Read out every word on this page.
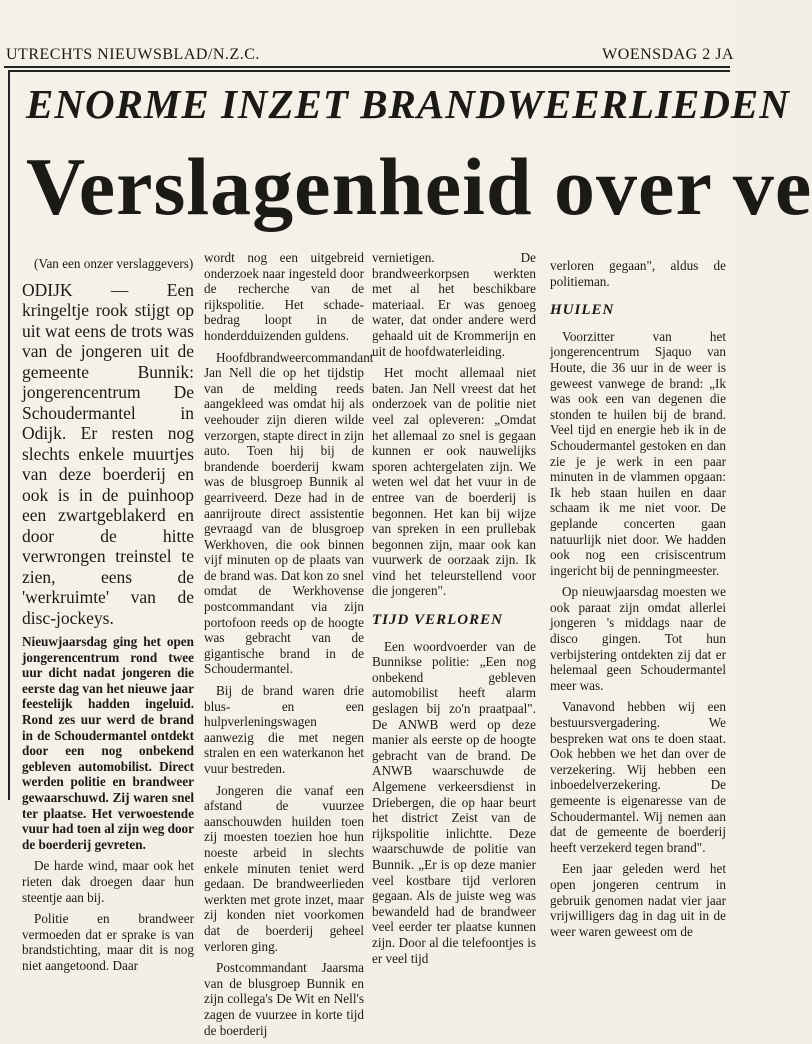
UTRECHTS NIEUWSBLAD/N.Z.C.	WOENSDAG 2 JA
ENORME INZET BRANDWEERLIEDEN
Verslagenheid over ve

(Van een onzer verslaggevers)

ODIJK — Een kringeltje rook stijgt op uit wat eens de trots was van de jongeren uit de gemeente Bunnik: jongerencentrum De Schoudermantel in Odijk. Er resten nog slechts enkele muurtjes van deze boerderij en ook is in de puinhoop een zwartgeblakerd en door de hitte verwrongen treinstel te zien, eens de 'werkruimte' van de disc-jockeys.

Nieuwjaarsdag ging het open jongerencentrum rond twee uur dicht nadat jongeren die eerste dag van het nieuwe jaar feestelijk hadden ingeluid. Rond zes uur werd de brand in de Schoudermantel ontdekt door een nog onbekend gebleven automobilist. Direct werden politie en brandweer gewaarschuwd. Zij waren snel ter plaatse. Het verwoestende vuur had toen al zijn weg door de boerderij gevreten.

De harde wind, maar ook het rieten dak droegen daar hun steentje aan bij.

Politie en brandweer vermoeden dat er sprake is van brandstichting, maar dit is nog niet aangetoond. Daar

wordt nog een uitgebreid onderzoek naar ingesteld door de recherche van de rijkspolitie. Het schade-bedrag loopt in de honderdduizenden guldens.

Hoofdbrandweercommandant Jan Nell die op het tijdstip van de melding reeds aangekleed was omdat hij als veehouder zijn dieren wilde verzorgen, stapte direct in zijn auto. Toen hij bij de brandende boerderij kwam was de blusgroep Bunnik al gearriveerd. Deze had in de aanrijroute direct assistentie gevraagd van de blusgroep Werkhoven, die ook binnen vijf minuten op de plaats van de brand was. Dat kon zo snel omdat de Werkhovense postcommandant via zijn portofoon reeds op de hoogte was gebracht van de gigantische brand in de Schoudermantel.

Bij de brand waren drie blus- en een hulpverleningswagen aanwezig die met negen stralen en een waterkanon het vuur bestreden.

Jongeren die vanaf een afstand de vuurzee aanschouwden huilden toen zij moesten toezien hoe hun noeste arbeid in slechts enkele minuten teniet werd gedaan. De brandweerlieden werkten met grote inzet, maar zij konden niet voorkomen dat de boerderij geheel verloren ging.

Postcommandant Jaarsma van de blusgroep Bunnik en zijn collega's De Wit en Nell's zagen de vuurzee in korte tijd de boerderij

vernietigen. De brandweerkorpsen werkten met al het beschikbare materiaal. Er was genoeg water, dat onder andere werd gehaald uit de Krommerijn en uit de hoofdwaterleiding.

Het mocht allemaal niet baten. Jan Nell vreest dat het onderzoek van de politie niet veel zal opleveren: „Omdat het allemaal zo snel is gegaan kunnen er ook nauwelijks sporen achtergelaten zijn. We weten wel dat het vuur in de entree van de boerderij is begonnen. Het kan bij wijze van spreken in een prullebak begonnen zijn, maar ook kan vuurwerk de oorzaak zijn. Ik vind het teleurstellend voor die jongeren".

TIJD VERLOREN

Een woordvoerder van de Bunnikse politie: „Een nog onbekend gebleven automobilist heeft alarm geslagen bij zo'n praatpaal". De ANWB werd op deze manier als eerste op de hoogte gebracht van de brand. De ANWB waarschuwde de Algemene verkeersdienst in Driebergen, die op haar beurt het district Zeist van de rijkspolitie inlichtte. Deze waarschuwde de politie van Bunnik. „Er is op deze manier veel kostbare tijd verloren gegaan. Als de juiste weg was bewandeld had de brandweer veel eerder ter plaatse kunnen zijn. Door al die telefoontjes is er veel tijd

verloren gegaan", aldus de politieman.

HUILEN

Voorzitter van het jongerencentrum Sjaquo van Houte, die 36 uur in de weer is geweest vanwege de brand: „Ik was ook een van degenen die stonden te huilen bij de brand. Veel tijd en energie heb ik in de Schoudermantel gestoken en dan zie je je werk in een paar minuten in de vlammen opgaan: Ik heb staan huilen en daar schaam ik me niet voor. De geplande concerten gaan natuurlijk niet door. We hadden ook nog een crisiscentrum ingericht bij de penningmeester.

Op nieuwjaarsdag moesten we ook paraat zijn omdat allerlei jongeren 's middags naar de disco gingen. Tot hun verbijstering ontdekten zij dat er helemaal geen Schoudermantel meer was.

Vanavond hebben wij een bestuursvergadering. We bespreken wat ons te doen staat. Ook hebben we het dan over de verzekering. Wij hebben een inboedelverzekering. De gemeente is eigenaresse van de Schoudermantel. Wij nemen aan dat de gemeente de boerderij heeft verzekerd tegen brand".

Een jaar geleden werd het open jongeren centrum in gebruik genomen nadat vier jaar vrijwilligers dag in dag uit in de weer waren geweest om de
